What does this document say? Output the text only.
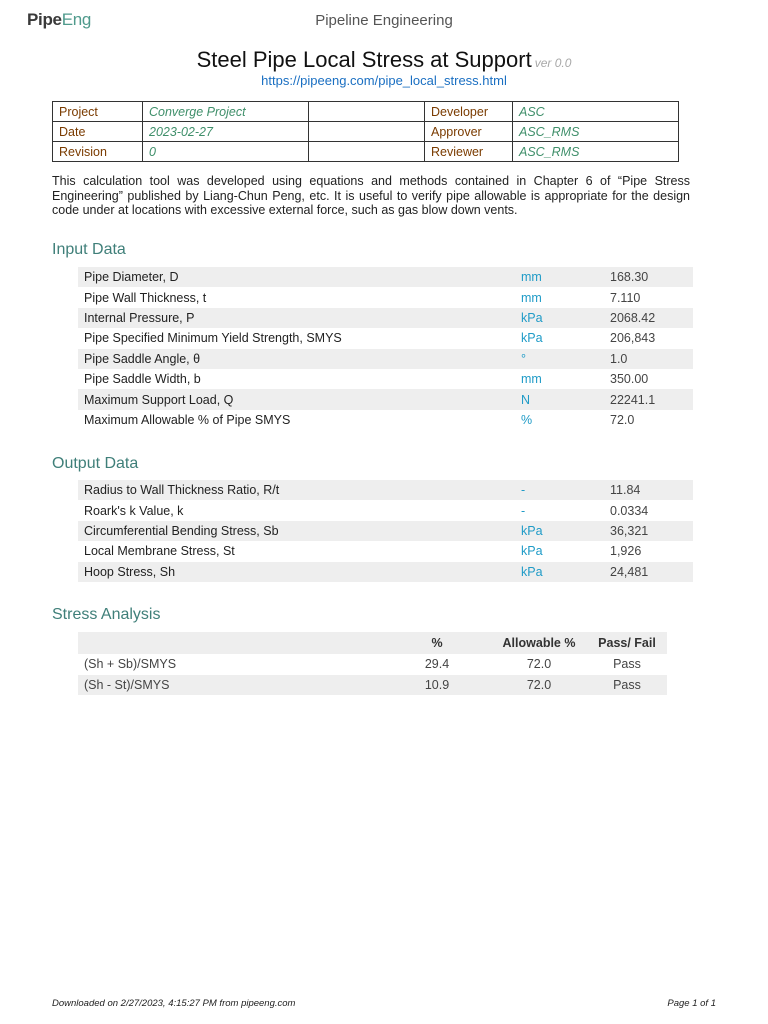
PipeEng	Pipeline Engineering
Steel Pipe Local Stress at Support ver 0.0
https://pipeeng.com/pipe_local_stress.html
Project	Converge Project		Developer	ASC
Date	2023-02-27		Approver	ASC_RMS
Revision	0		Reviewer	ASC_RMS
This calculation tool was developed using equations and methods contained in Chapter 6 of “Pipe Stress Engineering” published by Liang-Chun Peng, etc. It is useful to verify pipe allowable is appropriate for the design code under at locations with excessive external force, such as gas blow down vents.
Input Data
Pipe Diameter, D	mm	168.30
Pipe Wall Thickness, t	mm	7.110
Internal Pressure, P	kPa	2068.42
Pipe Specified Minimum Yield Strength, SMYS	kPa	206,843
Pipe Saddle Angle, θ	°	1.0
Pipe Saddle Width, b	mm	350.00
Maximum Support Load, Q	N	22241.1
Maximum Allowable % of Pipe SMYS	%	72.0
Output Data
Radius to Wall Thickness Ratio, R/t	-	11.84
Roark's k Value, k	-	0.0334
Circumferential Bending Stress, Sb	kPa	36,321
Local Membrane Stress, St	kPa	1,926
Hoop Stress, Sh	kPa	24,481
Stress Analysis
	%	Allowable %	Pass/ Fail
(Sh + Sb)/SMYS	29.4	72.0	Pass
(Sh - St)/SMYS	10.9	72.0	Pass
Downloaded on 2/27/2023, 4:15:27 PM from pipeeng.com	Page 1 of 1
